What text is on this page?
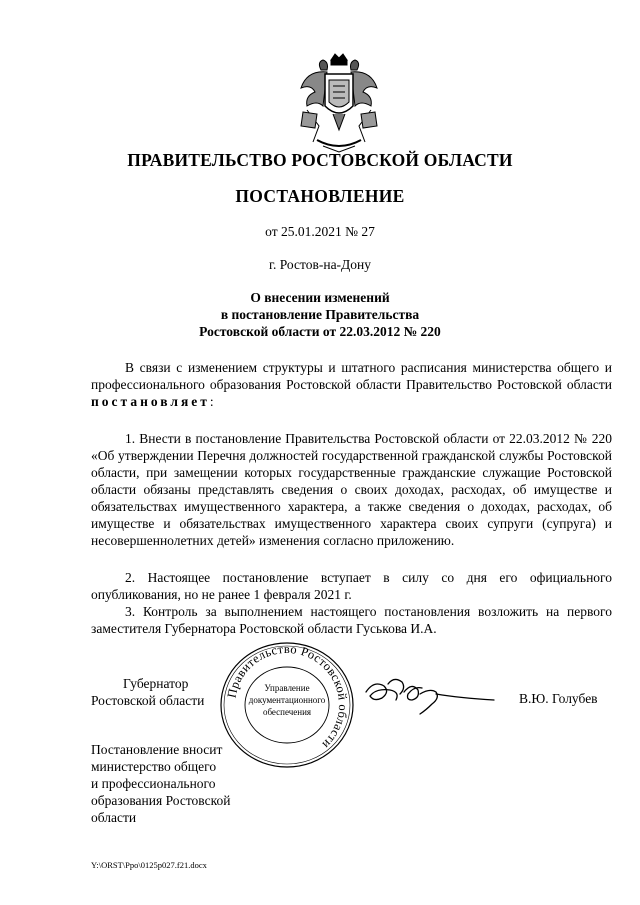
ПРАВИТЕЛЬСТВО РОСТОВСКОЙ ОБЛАСТИ
ПОСТАНОВЛЕНИЕ
от 25.01.2021 № 27
г. Ростов-на-Дону
О внесении изменений
в постановление Правительства
Ростовской области от 22.03.2012 № 220
В связи с изменением структуры и штатного расписания министерства общего и профессионального образования Ростовской области Правительство Ростовской области постановляет:
1. Внести в постановление Правительства Ростовской области от 22.03.2012 № 220 «Об утверждении Перечня должностей государственной гражданской службы Ростовской области, при замещении которых государственные гражданские служащие Ростовской области обязаны представлять сведения о своих доходах, расходах, об имуществе и обязательствах имущественного характера, а также сведения о доходах, расходах, об имуществе и обязательствах имущественного характера своих супруги (супруга) и несовершеннолетних детей» изменения согласно приложению.
2. Настоящее постановление вступает в силу со дня его официального опубликования, но не ранее 1 февраля 2021 г.
3. Контроль за выполнением настоящего постановления возложить на первого заместителя Губернатора Ростовской области Гуськова И.А.
Губернатор
Ростовской области	Правительство Ростовской области
Управление
документационного
обеспечения
В.Ю. Голубев
Постановление вносит
министерство общего
и профессионального
образования Ростовской
области
Y:\ORST\Ppo\0125p027.f21.docx
